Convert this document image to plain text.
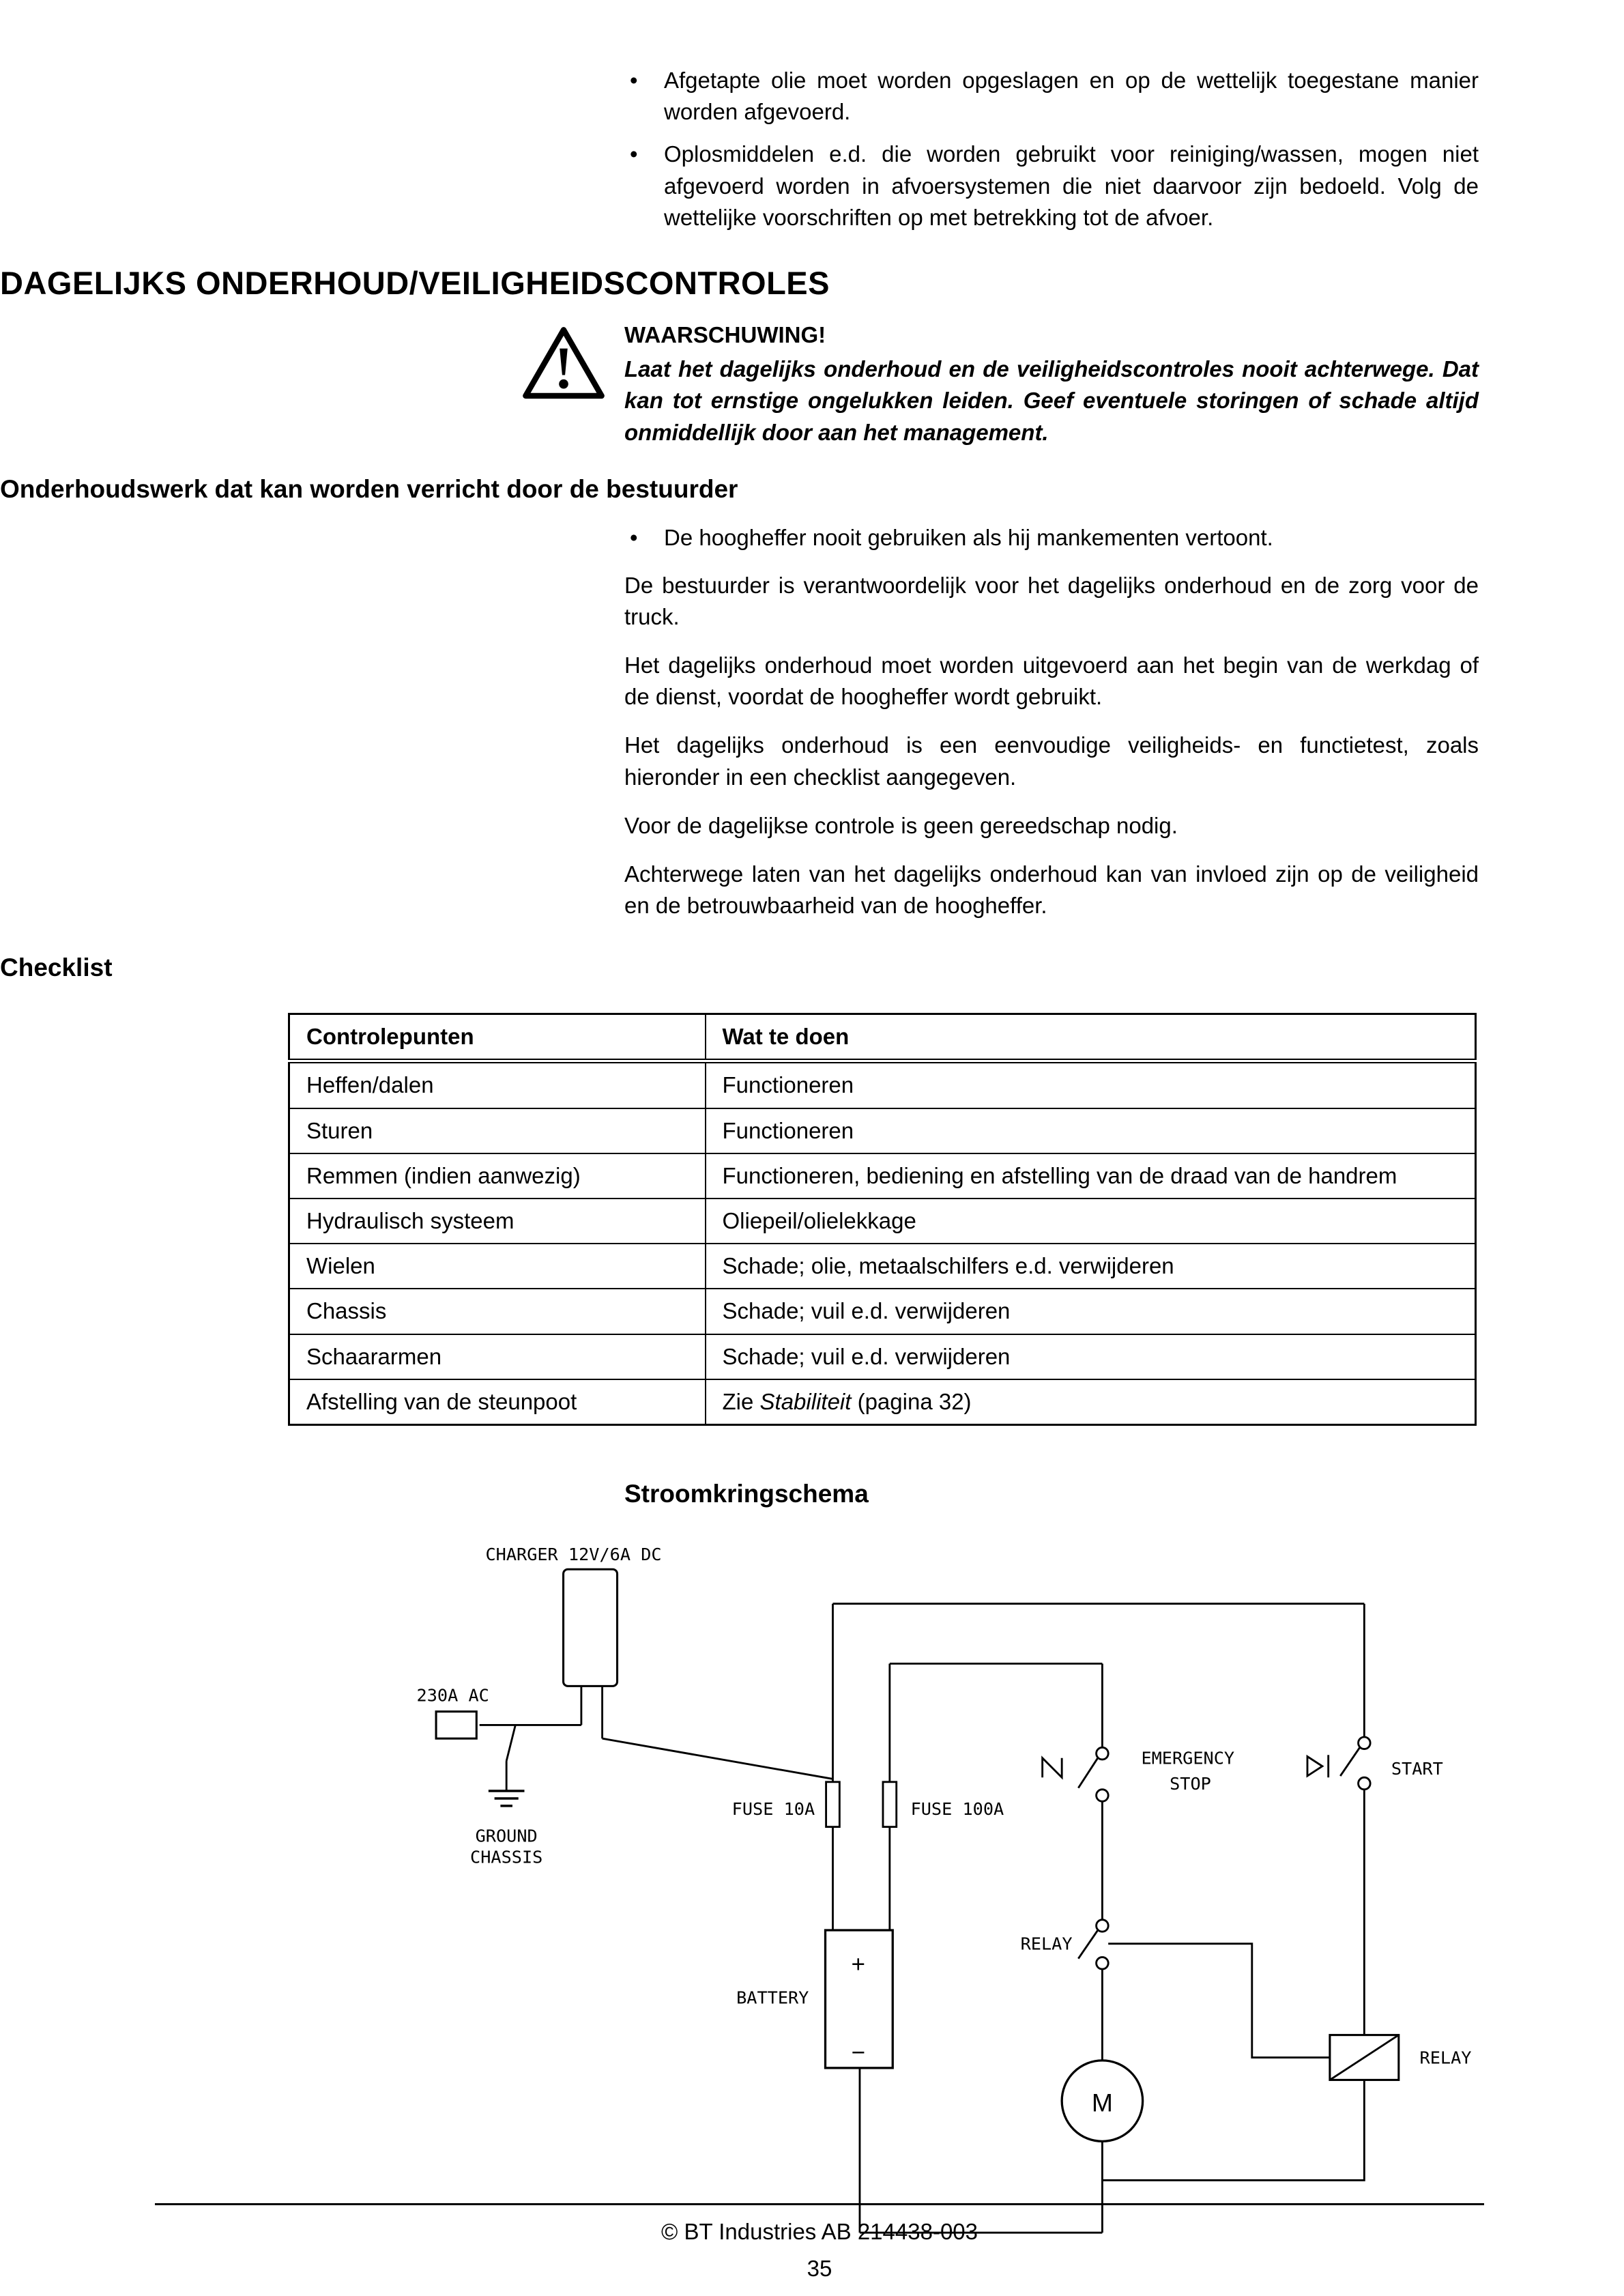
• Afgetapte olie moet worden opgeslagen en op de wettelijk toegestane manier worden afgevoerd.
• Oplosmiddelen e.d. die worden gebruikt voor reiniging/wassen, mogen niet afgevoerd worden in afvoersystemen die niet daarvoor zijn bedoeld. Volg de wettelijke voorschriften op met betrekking tot de afvoer.
DAGELIJKS ONDERHOUD/VEILIGHEIDSCONTROLES
WAARSCHUWING!

Laat het dagelijks onderhoud en de veiligheidscontroles nooit achterwege. Dat kan tot ernstige ongelukken leiden. Geef eventuele storingen of schade altijd onmiddellijk door aan het management.

Onderhoudswerk dat kan worden verricht door de bestuurder
• De hoogheffer nooit gebruiken als hij mankementen vertoont.

De bestuurder is verantwoordelijk voor het dagelijks onderhoud en de zorg voor de truck.

Het dagelijks onderhoud moet worden uitgevoerd aan het begin van de werkdag of de dienst, voordat de hoogheffer wordt gebruikt.

Het dagelijks onderhoud is een eenvoudige veiligheids- en functietest, zoals hieronder in een checklist aangegeven.

Voor de dagelijkse controle is geen gereedschap nodig.

Achterwege laten van het dagelijks onderhoud kan van invloed zijn op de veiligheid en de betrouwbaarheid van de hoogheffer.

Checklist
Controlepunten	Wat te doen
Heffen/dalen	Functioneren
Sturen	Functioneren
Remmen (indien aanwezig)	Functioneren, bediening en afstelling van de draad van de handrem
Hydraulisch systeem	Oliepeil/olielekkage
Wielen	Schade; olie, metaalschilfers e.d. verwijderen
Chassis	Schade; vuil e.d. verwijderen
Schaararmen	Schade; vuil e.d. verwijderen
Afstelling van de steunpoot	Zie Stabiliteit (pagina 32)
Stroomkringschema
CHARGER 12V/6A DC
230A AC
GROUND
CHASSIS
FUSE 10A	FUSE 100A
EMERGENCY
STOP
START
RELAY
+
−
BATTERY
M
RELAY
© BT Industries AB 214438-003
35
